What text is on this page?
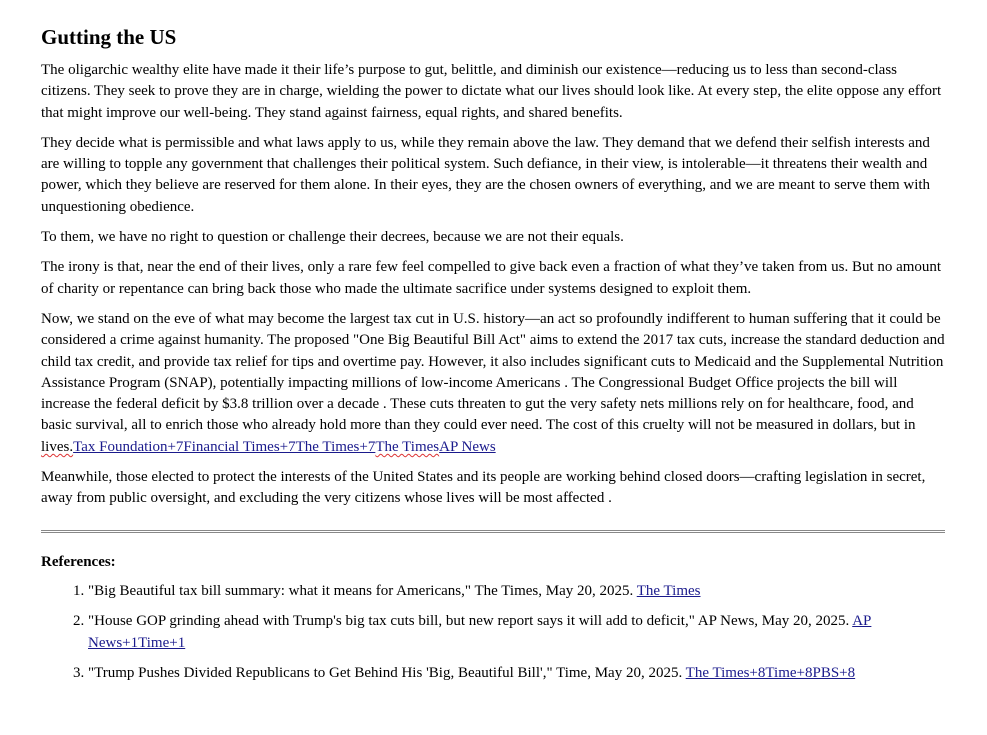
Gutting the US

The oligarchic wealthy elite have made it their life’s purpose to gut, belittle, and diminish our existence—reducing us to less than second-class citizens. They seek to prove they are in charge, wielding the power to dictate what our lives should look like. At every step, the elite oppose any effort that might improve our well-being. They stand against fairness, equal rights, and shared benefits.

They decide what is permissible and what laws apply to us, while they remain above the law. They demand that we defend their selfish interests and are willing to topple any government that challenges their political system. Such defiance, in their view, is intolerable—it threatens their wealth and power, which they believe are reserved for them alone. In their eyes, they are the chosen owners of everything, and we are meant to serve them with unquestioning obedience.

To them, we have no right to question or challenge their decrees, because we are not their equals.

The irony is that, near the end of their lives, only a rare few feel compelled to give back even a fraction of what they’ve taken from us. But no amount of charity or repentance can bring back those who made the ultimate sacrifice under systems designed to exploit them.

Now, we stand on the eve of what may become the largest tax cut in U.S. history—an act so profoundly indifferent to human suffering that it could be considered a crime against humanity. The proposed "One Big Beautiful Bill Act" aims to extend the 2017 tax cuts, increase the standard deduction and child tax credit, and provide tax relief for tips and overtime pay. However, it also includes significant cuts to Medicaid and the Supplemental Nutrition Assistance Program (SNAP), potentially impacting millions of low-income Americans . The Congressional Budget Office projects the bill will increase the federal deficit by $3.8 trillion over a decade . These cuts threaten to gut the very safety nets millions rely on for healthcare, food, and basic survival, all to enrich those who already hold more than they could ever need. The cost of this cruelty will not be measured in dollars, but in lives.Tax Foundation+7Financial Times+7The Times+7The TimesAP News

Meanwhile, those elected to protect the interests of the United States and its people are working behind closed doors—crafting legislation in secret, away from public oversight, and excluding the very citizens whose lives will be most affected .

References:
1. "Big Beautiful tax bill summary: what it means for Americans," The Times, May 20, 2025. The Times
2. "House GOP grinding ahead with Trump's big tax cuts bill, but new report says it will add to deficit," AP News, May 20, 2025. AP News+1Time+1
3. "Trump Pushes Divided Republicans to Get Behind His 'Big, Beautiful Bill'," Time, May 20, 2025. The Times+8Time+8PBS+8
